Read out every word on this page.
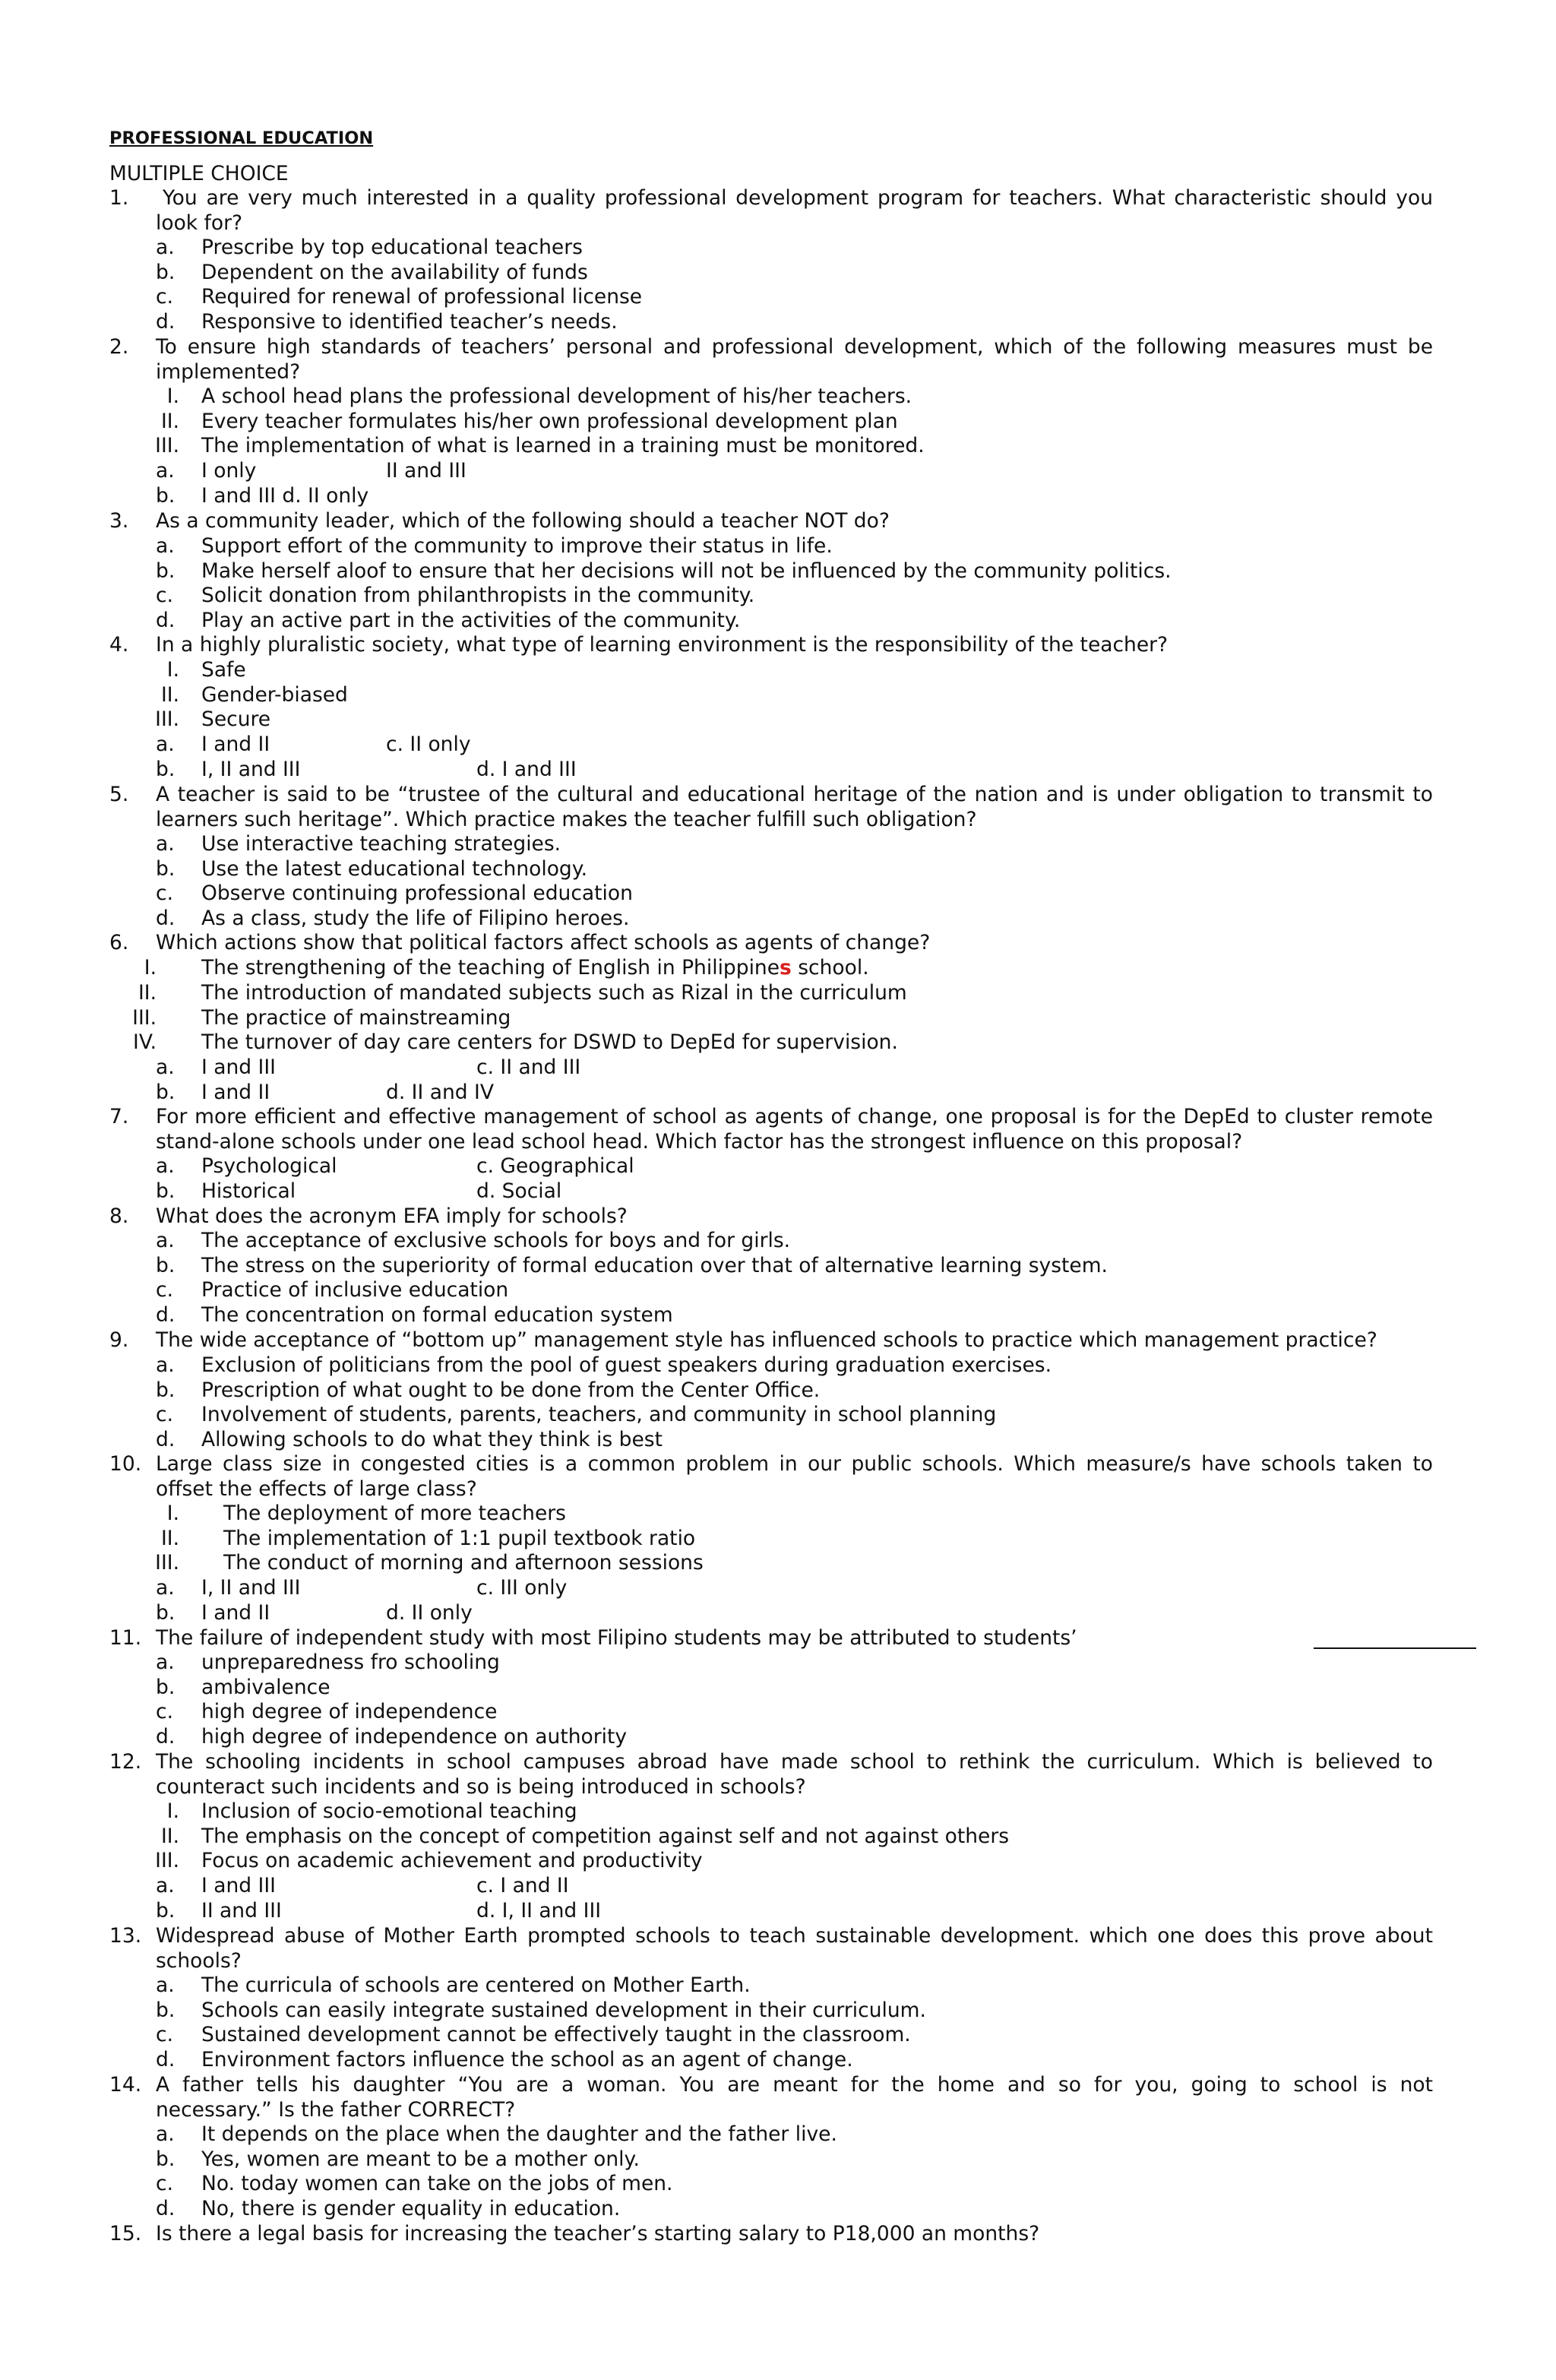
PROFESSIONAL EDUCATION
MULTIPLE CHOICE
1. You are very much interested in a quality professional development program for teachers. What characteristic should you
look for?
a. Prescribe by top educational teachers
b. Dependent on the availability of funds
c. Required for renewal of professional license
d. Responsive to identified teacher’s needs.
2. To ensure high standards of teachers’ personal and professional development, which of the following measures must be
implemented?
I. A school head plans the professional development of his/her teachers.
II. Every teacher formulates his/her own professional development plan
III. The implementation of what is learned in a training must be monitored.
a. I only	II and III
b. I and III d. II only
3. As a community leader, which of the following should a teacher NOT do?
a. Support effort of the community to improve their status in life.
b. Make herself aloof to ensure that her decisions will not be influenced by the community politics.
c. Solicit donation from philanthropists in the community.
d. Play an active part in the activities of the community.
4. In a highly pluralistic society, what type of learning environment is the responsibility of the teacher?
I. Safe
II. Gender-biased
III. Secure
a. I and II	c. II only
b. I, II and III	d. I and III
5. A teacher is said to be “trustee of the cultural and educational heritage of the nation and is under obligation to transmit to
learners such heritage”. Which practice makes the teacher fulfill such obligation?
a. Use interactive teaching strategies.
b. Use the latest educational technology.
c. Observe continuing professional education
d. As a class, study the life of Filipino heroes.
6. Which actions show that political factors affect schools as agents of change?
I. The strengthening of the teaching of English in Philippines school.
II. The introduction of mandated subjects such as Rizal in the curriculum
III. The practice of mainstreaming
IV. The turnover of day care centers for DSWD to DepEd for supervision.
a. I and III	c. II and III
b. I and II	d. II and IV
7. For more efficient and effective management of school as agents of change, one proposal is for the DepEd to cluster remote
stand-alone schools under one lead school head. Which factor has the strongest influence on this proposal?
a. Psychological	c. Geographical
b. Historical	d. Social
8. What does the acronym EFA imply for schools?
a. The acceptance of exclusive schools for boys and for girls.
b. The stress on the superiority of formal education over that of alternative learning system.
c. Practice of inclusive education
d. The concentration on formal education system
9. The wide acceptance of “bottom up” management style has influenced schools to practice which management practice?
a. Exclusion of politicians from the pool of guest speakers during graduation exercises.
b. Prescription of what ought to be done from the Center Office.
c. Involvement of students, parents, teachers, and community in school planning
d. Allowing schools to do what they think is best
10. Large class size in congested cities is a common problem in our public schools. Which measure/s have schools taken to
offset the effects of large class?
I. The deployment of more teachers
II. The implementation of 1:1 pupil textbook ratio
III. The conduct of morning and afternoon sessions
a. I, II and III	c. III only
b. I and II	d. II only
11. The failure of independent study with most Filipino students may be attributed to students’
a. unpreparedness fro schooling
b. ambivalence
c. high degree of independence
d. high degree of independence on authority
12. The schooling incidents in school campuses abroad have made school to rethink the curriculum. Which is believed to
counteract such incidents and so is being introduced in schools?
I. Inclusion of socio-emotional teaching
II. The emphasis on the concept of competition against self and not against others
III. Focus on academic achievement and productivity
a. I and III	c. I and II
b. II and III	d. I, II and III
13. Widespread abuse of Mother Earth prompted schools to teach sustainable development. which one does this prove about
schools?
a. The curricula of schools are centered on Mother Earth.
b. Schools can easily integrate sustained development in their curriculum.
c. Sustained development cannot be effectively taught in the classroom.
d. Environment factors influence the school as an agent of change.
14. A father tells his daughter “You are a woman. You are meant for the home and so for you, going to school is not
necessary.” Is the father CORRECT?
a. It depends on the place when the daughter and the father live.
b. Yes, women are meant to be a mother only.
c. No. today women can take on the jobs of men.
d. No, there is gender equality in education.
15. Is there a legal basis for increasing the teacher’s starting salary to P18,000 an months?
